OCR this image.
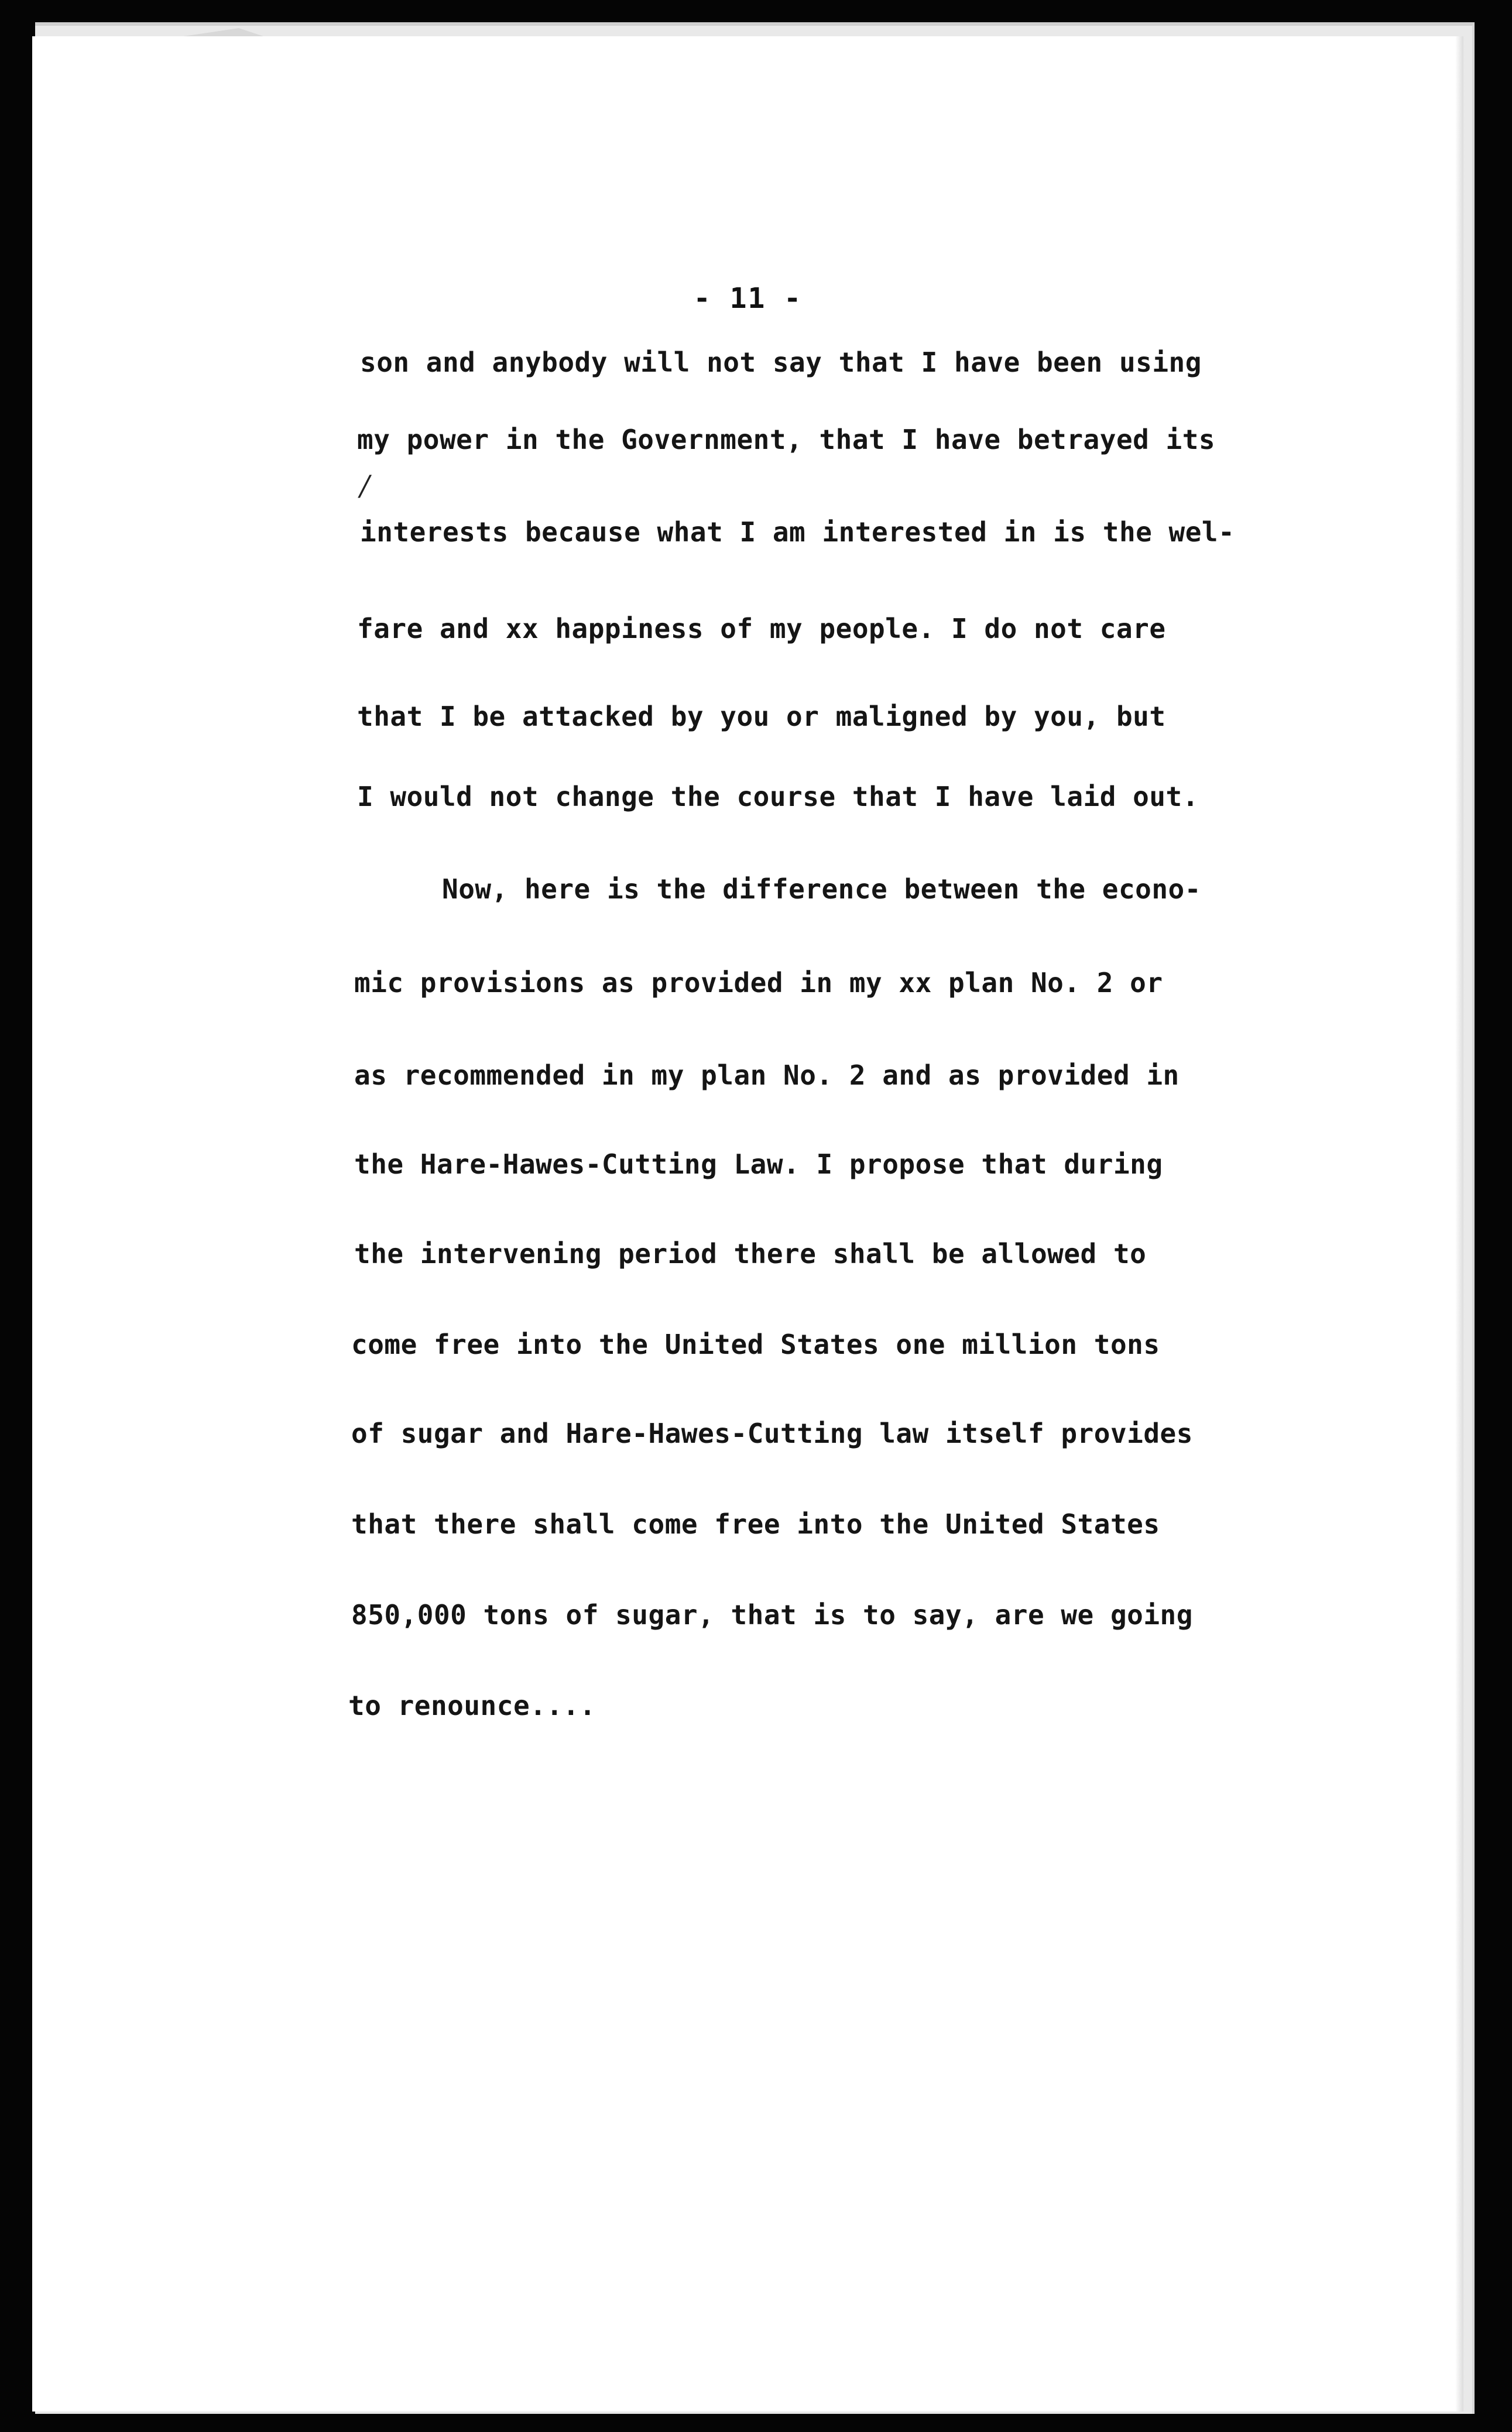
- 11 -
son and anybody will not say that I have been using
my power in the Government, that I have betrayed its
/
interests because what I am interested in is the wel-
fare and xx happiness of my people. I do not care
that I be attacked by you or maligned by you, but
I would not change the course that I have laid out.
Now, here is the difference between the econo-
mic provisions as provided in my xx plan No. 2 or
as recommended in my plan No. 2 and as provided in
the Hare-Hawes-Cutting Law. I propose that during
the intervening period there shall be allowed to
come free into the United States one million tons
of sugar and Hare-Hawes-Cutting law itself provides
that there shall come free into the United States
850,000 tons of sugar, that is to say, are we going
to renounce....
